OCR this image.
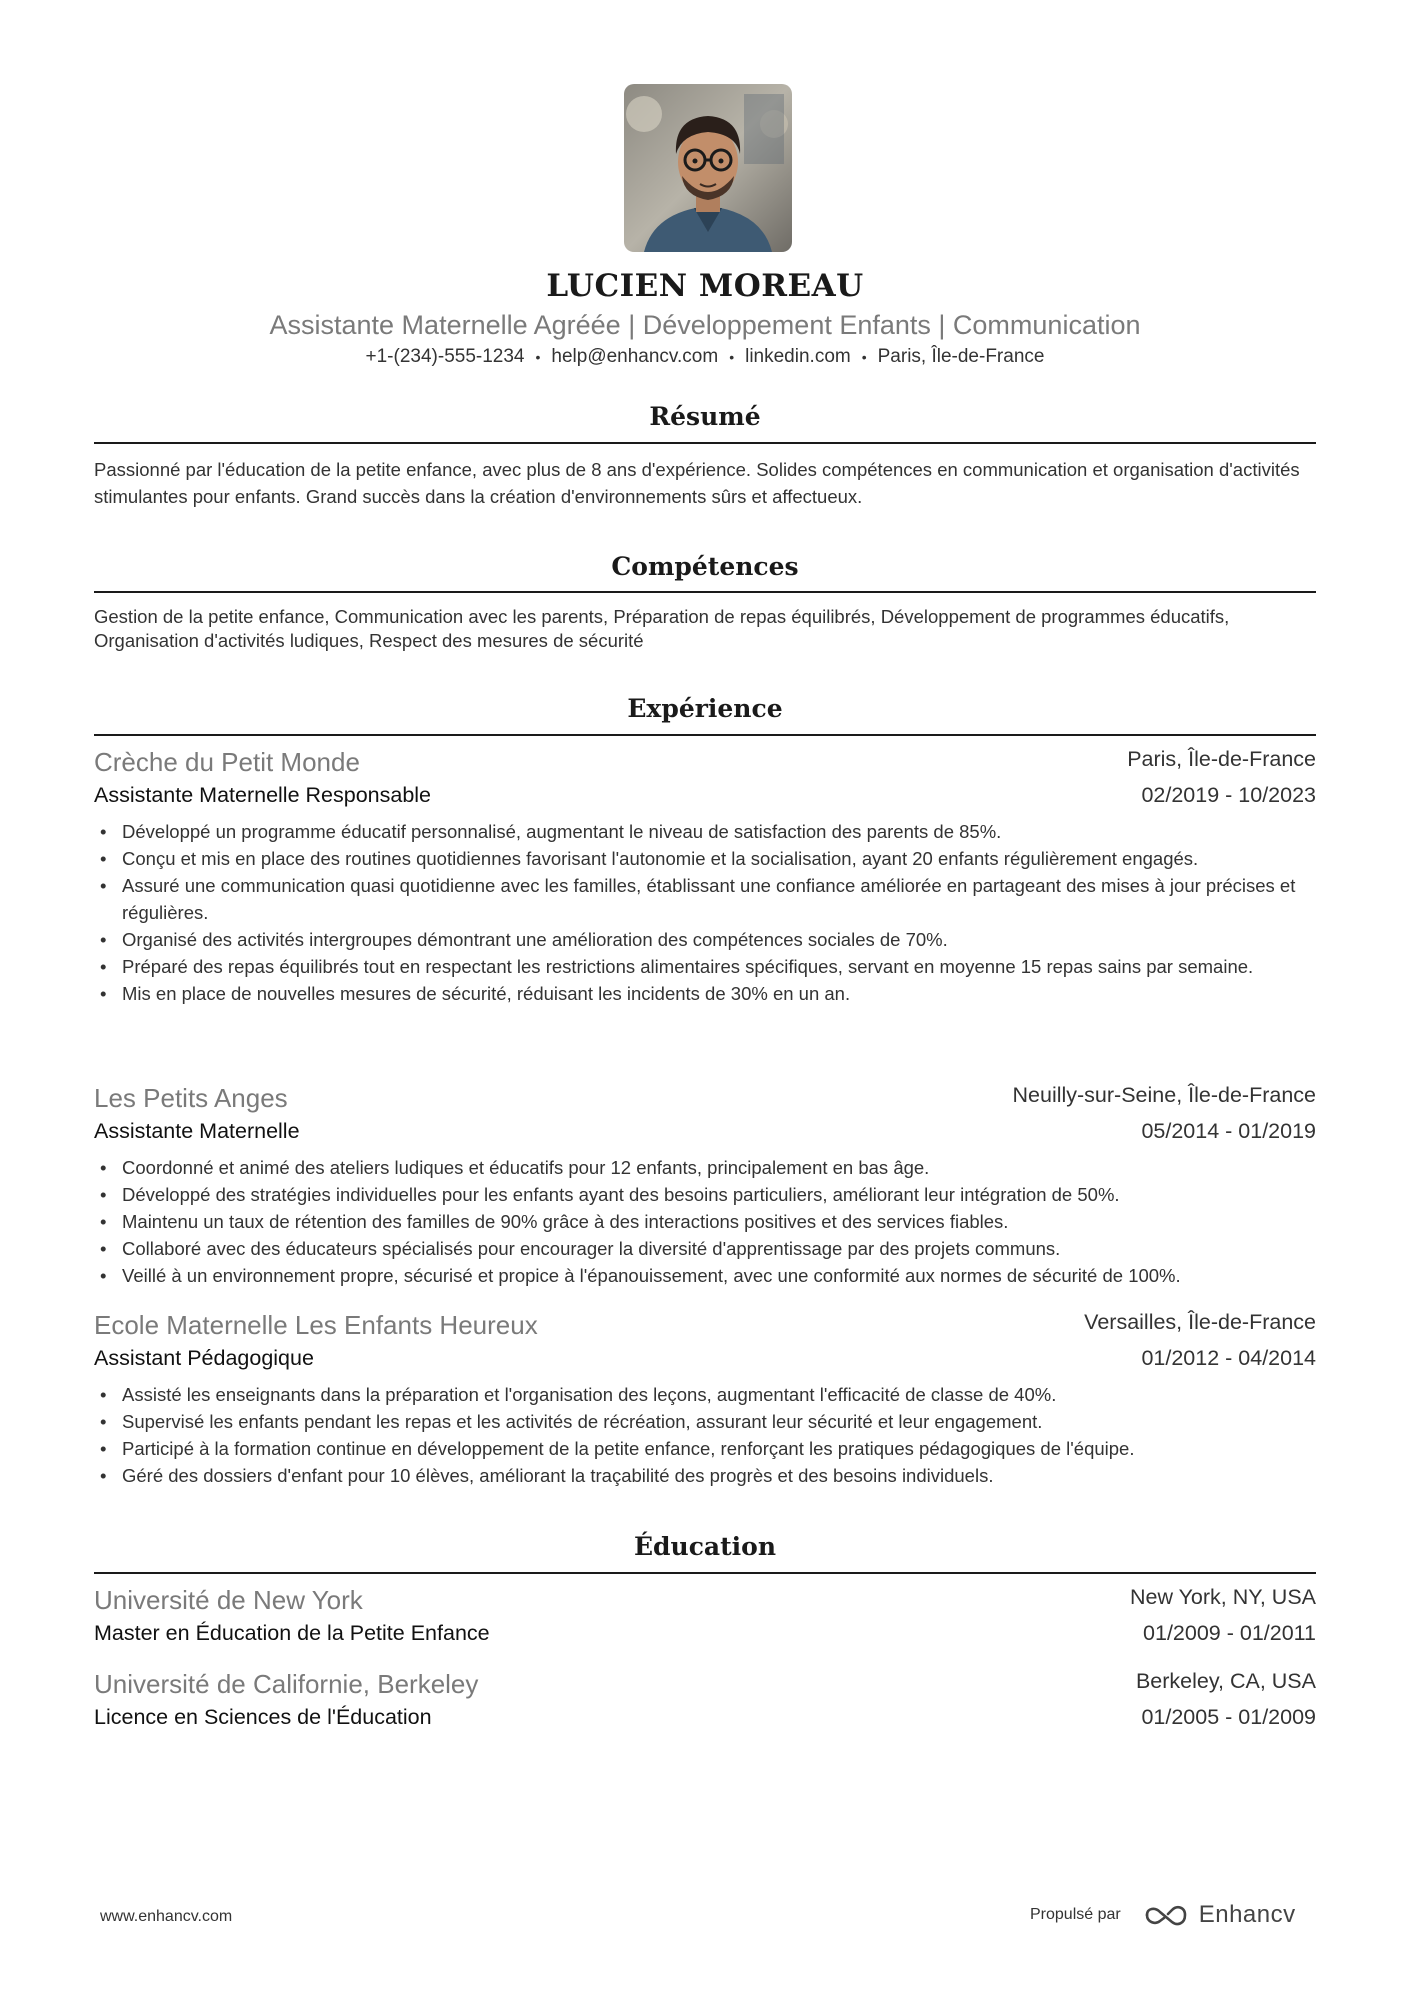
LUCIEN MOREAU
Assistante Maternelle Agréée | Développement Enfants | Communication
+1-(234)-555-1234 • help@enhancv.com • linkedin.com • Paris, Île-de-France
Résumé
Passionné par l'éducation de la petite enfance, avec plus de 8 ans d'expérience. Solides compétences en communication et organisation d'activités stimulantes pour enfants. Grand succès dans la création d'environnements sûrs et affectueux.
Compétences
Gestion de la petite enfance, Communication avec les parents, Préparation de repas équilibrés, Développement de programmes éducatifs, Organisation d'activités ludiques, Respect des mesures de sécurité
Expérience
Crèche du Petit Monde	Paris, Île-de-France
Assistante Maternelle Responsable	02/2019 - 10/2023
• Développé un programme éducatif personnalisé, augmentant le niveau de satisfaction des parents de 85%.
• Conçu et mis en place des routines quotidiennes favorisant l'autonomie et la socialisation, ayant 20 enfants régulièrement engagés.
• Assuré une communication quasi quotidienne avec les familles, établissant une confiance améliorée en partageant des mises à jour précises et régulières.
• Organisé des activités intergroupes démontrant une amélioration des compétences sociales de 70%.
• Préparé des repas équilibrés tout en respectant les restrictions alimentaires spécifiques, servant en moyenne 15 repas sains par semaine.
• Mis en place de nouvelles mesures de sécurité, réduisant les incidents de 30% en un an.
Les Petits Anges	Neuilly-sur-Seine, Île-de-France
Assistante Maternelle	05/2014 - 01/2019
• Coordonné et animé des ateliers ludiques et éducatifs pour 12 enfants, principalement en bas âge.
• Développé des stratégies individuelles pour les enfants ayant des besoins particuliers, améliorant leur intégration de 50%.
• Maintenu un taux de rétention des familles de 90% grâce à des interactions positives et des services fiables.
• Collaboré avec des éducateurs spécialisés pour encourager la diversité d'apprentissage par des projets communs.
• Veillé à un environnement propre, sécurisé et propice à l'épanouissement, avec une conformité aux normes de sécurité de 100%.
Ecole Maternelle Les Enfants Heureux	Versailles, Île-de-France
Assistant Pédagogique	01/2012 - 04/2014
• Assisté les enseignants dans la préparation et l'organisation des leçons, augmentant l'efficacité de classe de 40%.
• Supervisé les enfants pendant les repas et les activités de récréation, assurant leur sécurité et leur engagement.
• Participé à la formation continue en développement de la petite enfance, renforçant les pratiques pédagogiques de l'équipe.
• Géré des dossiers d'enfant pour 10 élèves, améliorant la traçabilité des progrès et des besoins individuels.
Éducation
Université de New York	New York, NY, USA
Master en Éducation de la Petite Enfance	01/2009 - 01/2011
Université de Californie, Berkeley	Berkeley, CA, USA
Licence en Sciences de l'Éducation	01/2005 - 01/2009
www.enhancv.com	Propulsé par	Enhancv
